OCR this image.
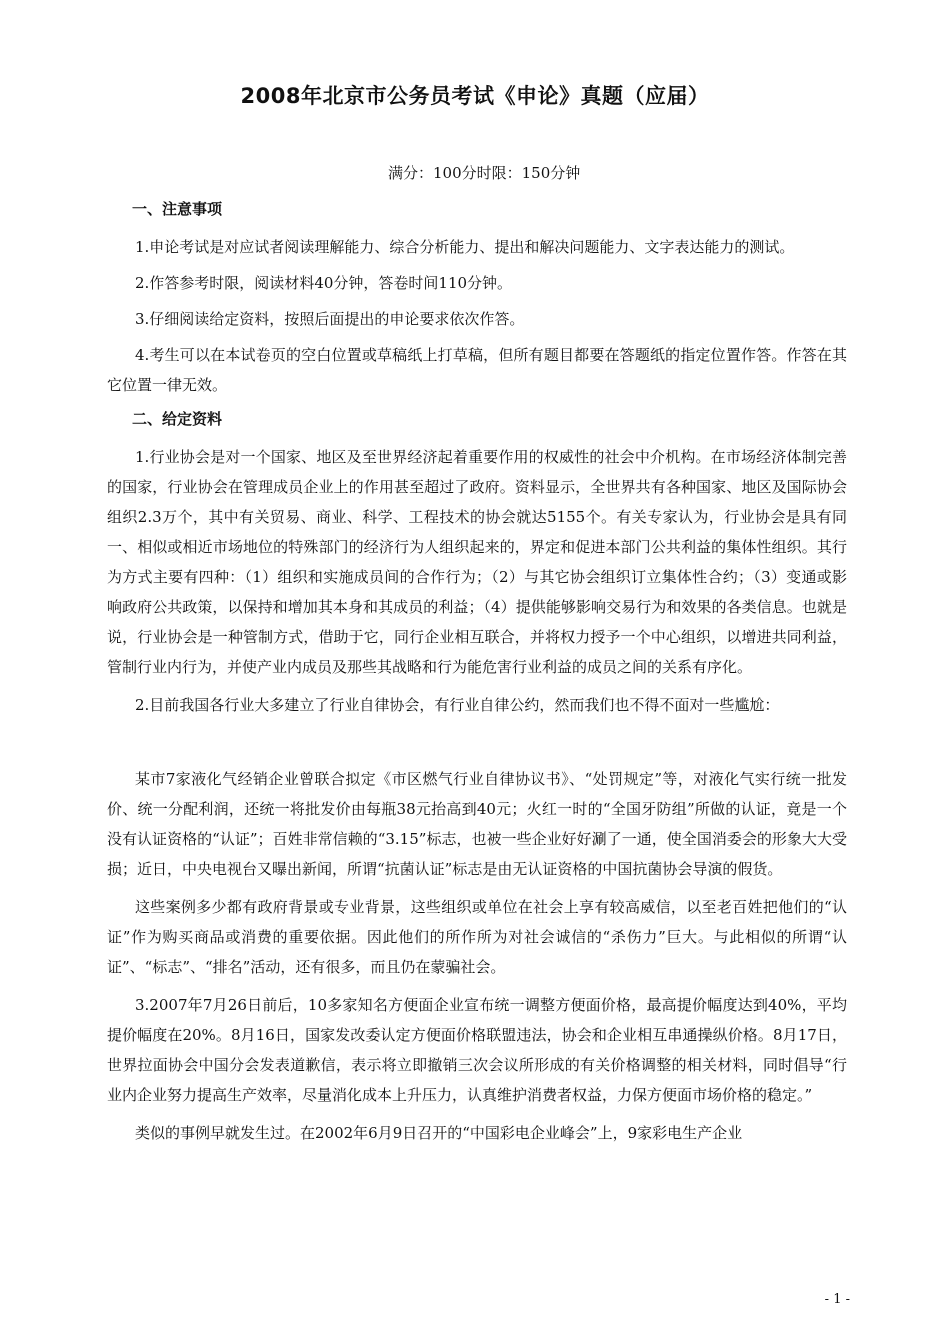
2008年北京市公务员考试《申论》真题（应届）

满分：100分时限：150分钟

一、注意事项

1.申论考试是对应试者阅读理解能力、综合分析能力、提出和解决问题能力、文字表达能力的测试。

2.作答参考时限，阅读材料40分钟，答卷时间110分钟。

3.仔细阅读给定资料，按照后面提出的申论要求依次作答。

4.考生可以在本试卷页的空白位置或草稿纸上打草稿，但所有题目都要在答题纸的指定位置作答。作答在其它位置一律无效。

二、给定资料

1.行业协会是对一个国家、地区及至世界经济起着重要作用的权威性的社会中介机构。在市场经济体制完善的国家，行业协会在管理成员企业上的作用甚至超过了政府。资料显示，全世界共有各种国家、地区及国际协会组织2.3万个，其中有关贸易、商业、科学、工程技术的协会就达5155个。有关专家认为，行业协会是具有同一、相似或相近市场地位的特殊部门的经济行为人组织起来的，界定和促进本部门公共利益的集体性组织。其行为方式主要有四种：（1）组织和实施成员间的合作行为；（2）与其它协会组织订立集体性合约；（3）变通或影响政府公共政策，以保持和增加其本身和其成员的利益；（4）提供能够影响交易行为和效果的各类信息。也就是说，行业协会是一种管制方式，借助于它，同行企业相互联合，并将权力授予一个中心组织，以增进共同利益，管制行业内行为，并使产业内成员及那些其战略和行为能危害行业利益的成员之间的关系有序化。

2.目前我国各行业大多建立了行业自律协会，有行业自律公约，然而我们也不得不面对一些尴尬：

某市7家液化气经销企业曾联合拟定《市区燃气行业自律协议书》、“处罚规定”等，对液化气实行统一批发价、统一分配利润，还统一将批发价由每瓶38元抬高到40元；火红一时的“全国牙防组”所做的认证，竟是一个没有认证资格的“认证”；百姓非常信赖的“3.15”标志，也被一些企业好好涮了一通，使全国消委会的形象大大受损；近日，中央电视台又曝出新闻，所谓“抗菌认证”标志是由无认证资格的中国抗菌协会导演的假货。

这些案例多少都有政府背景或专业背景，这些组织或单位在社会上享有较高威信，以至老百姓把他们的“认证”作为购买商品或消费的重要依据。因此他们的所作所为对社会诚信的“杀伤力”巨大。与此相似的所谓“认证”、“标志”、“排名”活动，还有很多，而且仍在蒙骗社会。

3.2007年7月26日前后，10多家知名方便面企业宣布统一调整方便面价格，最高提价幅度达到40%，平均提价幅度在20%。8月16日，国家发改委认定方便面价格联盟违法，协会和企业相互串通操纵价格。8月17日，世界拉面协会中国分会发表道歉信，表示将立即撤销三次会议所形成的有关价格调整的相关材料，同时倡导“行业内企业努力提高生产效率，尽量消化成本上升压力，认真维护消费者权益，力保方便面市场价格的稳定。”

类似的事例早就发生过。在2002年6月9日召开的“中国彩电企业峰会”上，9家彩电生产企业

- 1 -
